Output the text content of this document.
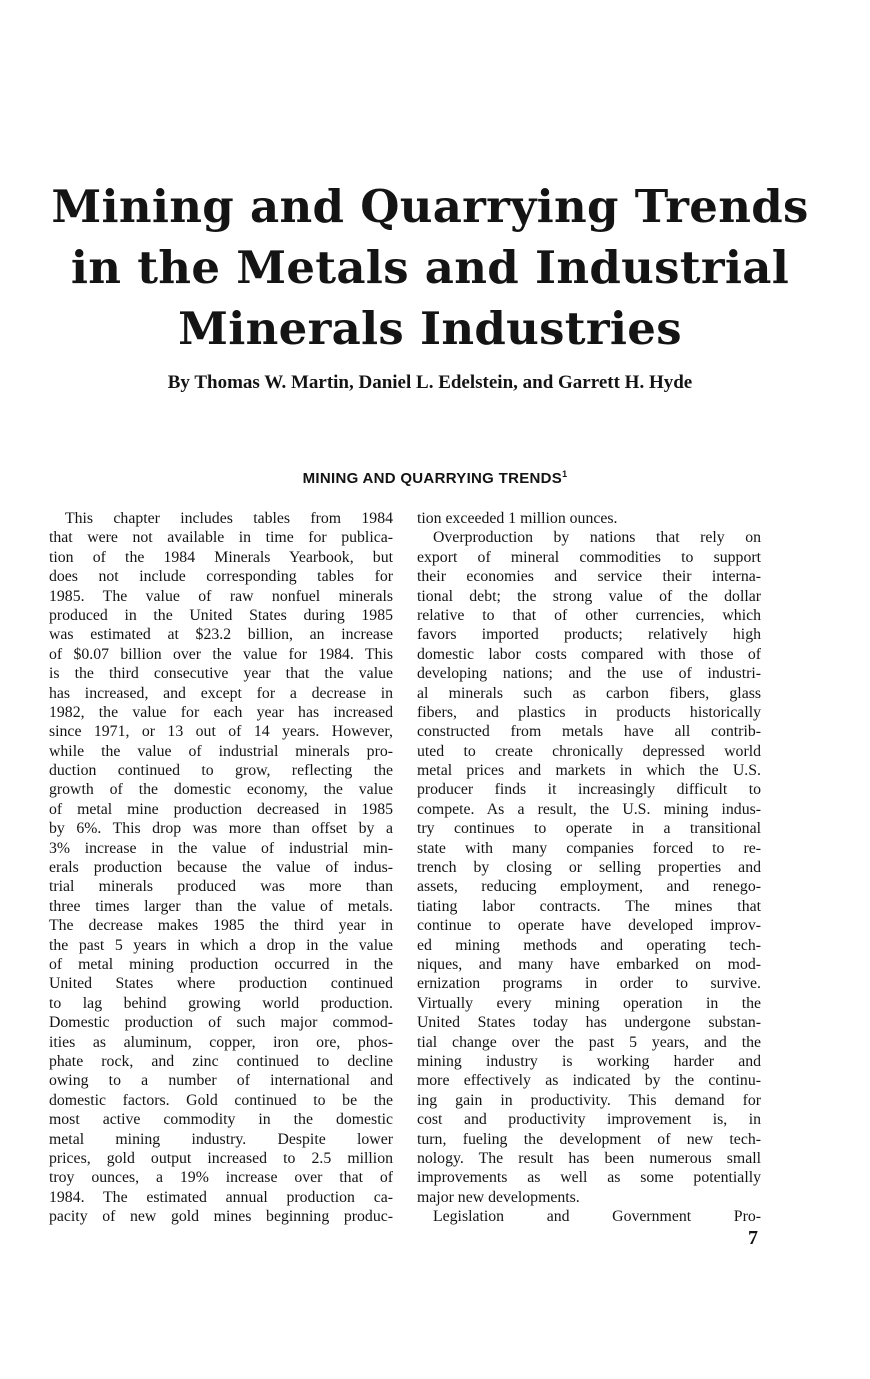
Mining and Quarrying Trends
in the Metals and Industrial
Minerals Industries
By Thomas W. Martin, Daniel L. Edelstein, and Garrett H. Hyde
MINING AND QUARRYING TRENDS$^1$
This chapter includes tables from 1984
that were not available in time for publica-
tion of the 1984 Minerals Yearbook, but
does not include corresponding tables for
1985. The value of raw nonfuel minerals
produced in the United States during 1985
was estimated at $23.2 billion, an increase
of $0.07 billion over the value for 1984. This
is the third consecutive year that the value
has increased, and except for a decrease in
1982, the value for each year has increased
since 1971, or 13 out of 14 years. However,
while the value of industrial minerals pro-
duction continued to grow, reflecting the
growth of the domestic economy, the value
of metal mine production decreased in 1985
by 6%. This drop was more than offset by a
3% increase in the value of industrial min-
erals production because the value of indus-
trial minerals produced was more than
three times larger than the value of metals.
The decrease makes 1985 the third year in
the past 5 years in which a drop in the value
of metal mining production occurred in the
United States where production continued
to lag behind growing world production.
Domestic production of such major commod-
ities as aluminum, copper, iron ore, phos-
phate rock, and zinc continued to decline
owing to a number of international and
domestic factors. Gold continued to be the
most active commodity in the domestic
metal mining industry. Despite lower
prices, gold output increased to 2.5 million
troy ounces, a 19% increase over that of
1984. The estimated annual production ca-
pacity of new gold mines beginning produc-
tion exceeded 1 million ounces.
Overproduction by nations that rely on
export of mineral commodities to support
their economies and service their interna-
tional debt; the strong value of the dollar
relative to that of other currencies, which
favors imported products; relatively high
domestic labor costs compared with those of
developing nations; and the use of industri-
al minerals such as carbon fibers, glass
fibers, and plastics in products historically
constructed from metals have all contrib-
uted to create chronically depressed world
metal prices and markets in which the U.S.
producer finds it increasingly difficult to
compete. As a result, the U.S. mining indus-
try continues to operate in a transitional
state with many companies forced to re-
trench by closing or selling properties and
assets, reducing employment, and renego-
tiating labor contracts. The mines that
continue to operate have developed improv-
ed mining methods and operating tech-
niques, and many have embarked on mod-
ernization programs in order to survive.
Virtually every mining operation in the
United States today has undergone substan-
tial change over the past 5 years, and the
mining industry is working harder and
more effectively as indicated by the continu-
ing gain in productivity. This demand for
cost and productivity improvement is, in
turn, fueling the development of new tech-
nology. The result has been numerous small
improvements as well as some potentially
major new developments.
Legislation and Government Pro-
7
